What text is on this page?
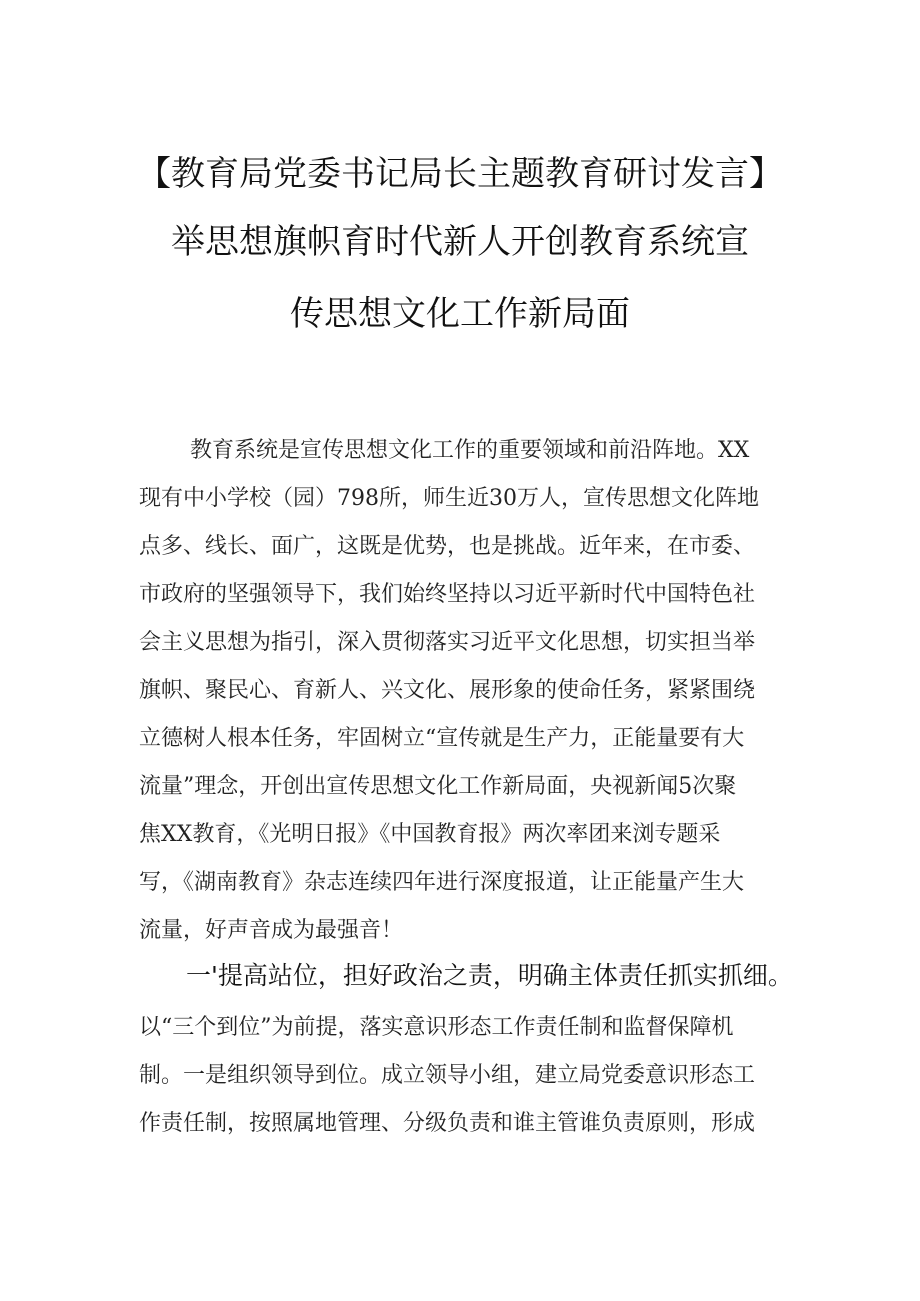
【教育局党委书记局长主题教育研讨发言】
举思想旗帜育时代新人开创教育系统宣
传思想文化工作新局面
教育系统是宣传思想文化工作的重要领域和前沿阵地。XX
现有中小学校（园）798所，师生近30万人，宣传思想文化阵地
点多、线长、面广，这既是优势，也是挑战。近年来，在市委、
市政府的坚强领导下，我们始终坚持以习近平新时代中国特色社
会主义思想为指引，深入贯彻落实习近平文化思想，切实担当举
旗帜、聚民心、育新人、兴文化、展形象的使命任务，紧紧围绕
立德树人根本任务，牢固树立“宣传就是生产力，正能量要有大
流量”理念，开创出宣传思想文化工作新局面，央视新闻5次聚
焦XX教育，《光明日报》《中国教育报》两次率团来浏专题采
写，《湖南教育》杂志连续四年进行深度报道，让正能量产生大
流量，好声音成为最强音！
一'提高站位，担好政治之责，明确主体责任抓实抓细。
以“三个到位”为前提，落实意识形态工作责任制和监督保障机
制。一是组织领导到位。成立领导小组，建立局党委意识形态工
作责任制，按照属地管理、分级负责和谁主管谁负责原则，形成
